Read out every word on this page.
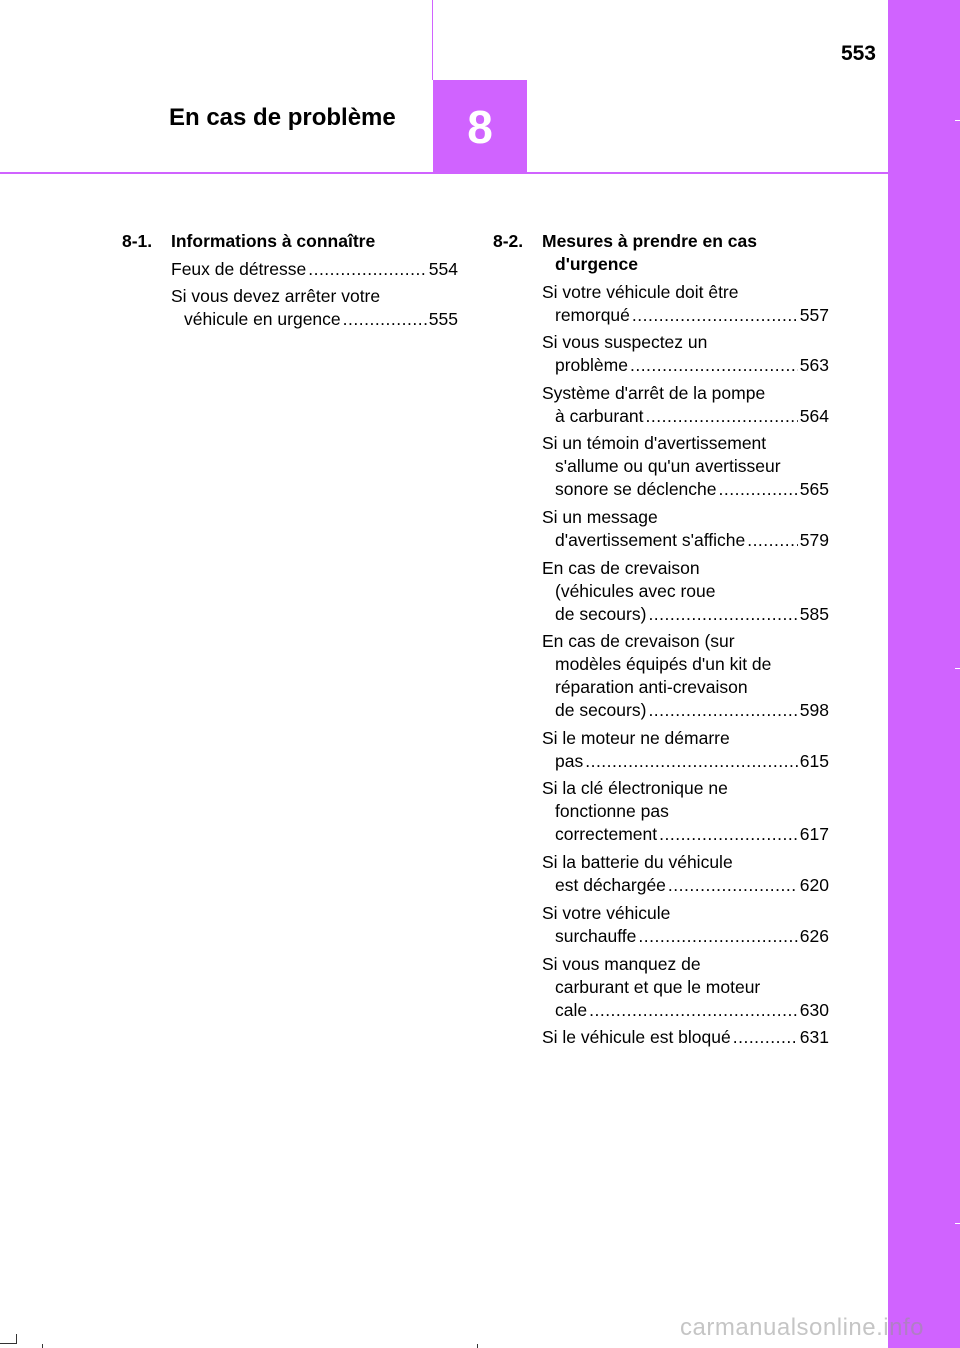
8
553
En cas de problème
8-1. Informations à connaître
Feux de détresse .....	554
Si vous devez arrêter votre
véhicule en urgence .....	555
8-2. Mesures à prendre en cas
d'urgence
Si votre véhicule doit être
remorqué .....	557
Si vous suspectez un
problème .....	563
Système d'arrêt de la pompe
à carburant .....	564
Si un témoin d'avertissement
s'allume ou qu'un avertisseur
sonore se déclenche .....	565
Si un message
d'avertissement s'affiche .....	579
En cas de crevaison
(véhicules avec roue
de secours) .....	585
En cas de crevaison (sur
modèles équipés d'un kit de
réparation anti-crevaison
de secours) .....	598
Si le moteur ne démarre
pas .....	615
Si la clé électronique ne
fonctionne pas
correctement .....	617
Si la batterie du véhicule
est déchargée .....	620
Si votre véhicule
surchauffe .....	626
Si vous manquez de
carburant et que le moteur
cale .....	630
Si le véhicule est bloqué .....	631
carmanualsonline.info
